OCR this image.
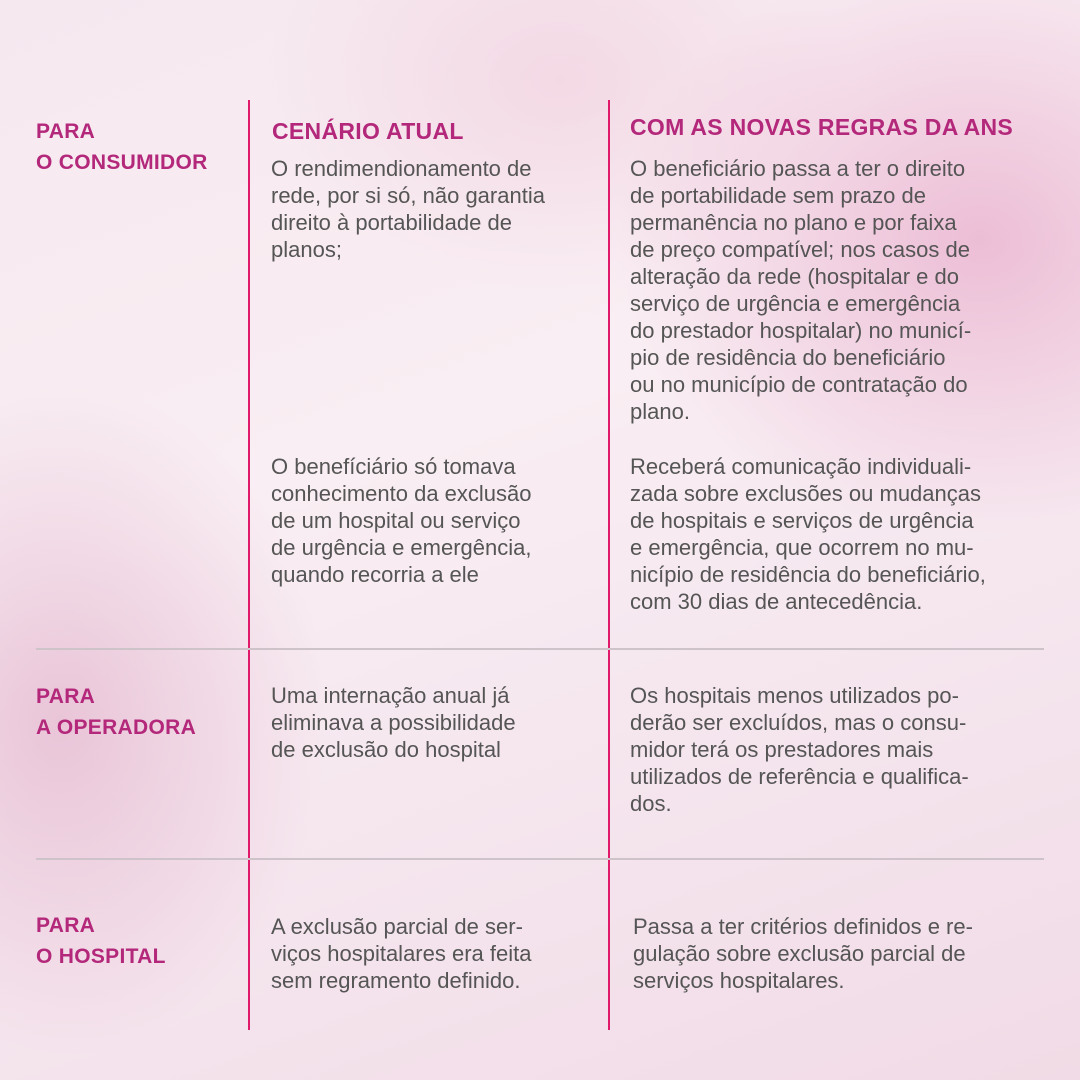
CENÁRIO ATUAL	COM AS NOVAS REGRAS DA ANS

PARA
O CONSUMIDOR	O rendimendionamento de
rede, por si só, não garantia
direito à portabilidade de
planos;

O beneficiário passa a ter o direito
de portabilidade sem prazo de
permanência no plano e por faixa
de preço compatível; nos casos de
alteração da rede (hospitalar e do
serviço de urgência e emergência
do prestador hospitalar) no municí-
pio de residência do beneficiário
ou no município de contratação do
plano.

O benefíciário só tomava
conhecimento da exclusão
de um hospital ou serviço
de urgência e emergência,
quando recorria a ele

Receberá comunicação individuali-
zada sobre exclusões ou mudanças
de hospitais e serviços de urgência
e emergência, que ocorrem no mu-
nicípio de residência do beneficiário,
com 30 dias de antecedência.

PARA
A OPERADORA

Uma internação anual já
eliminava a possibilidade
de exclusão do hospital

Os hospitais menos utilizados po-
derão ser excluídos, mas o consu-
midor terá os prestadores mais
utilizados de referência e qualifica-
dos.

PARA
O HOSPITAL

A exclusão parcial de ser-
viços hospitalares era feita
sem regramento definido.

Passa a ter critérios definidos e re-
gulação sobre exclusão parcial de
serviços hospitalares.
